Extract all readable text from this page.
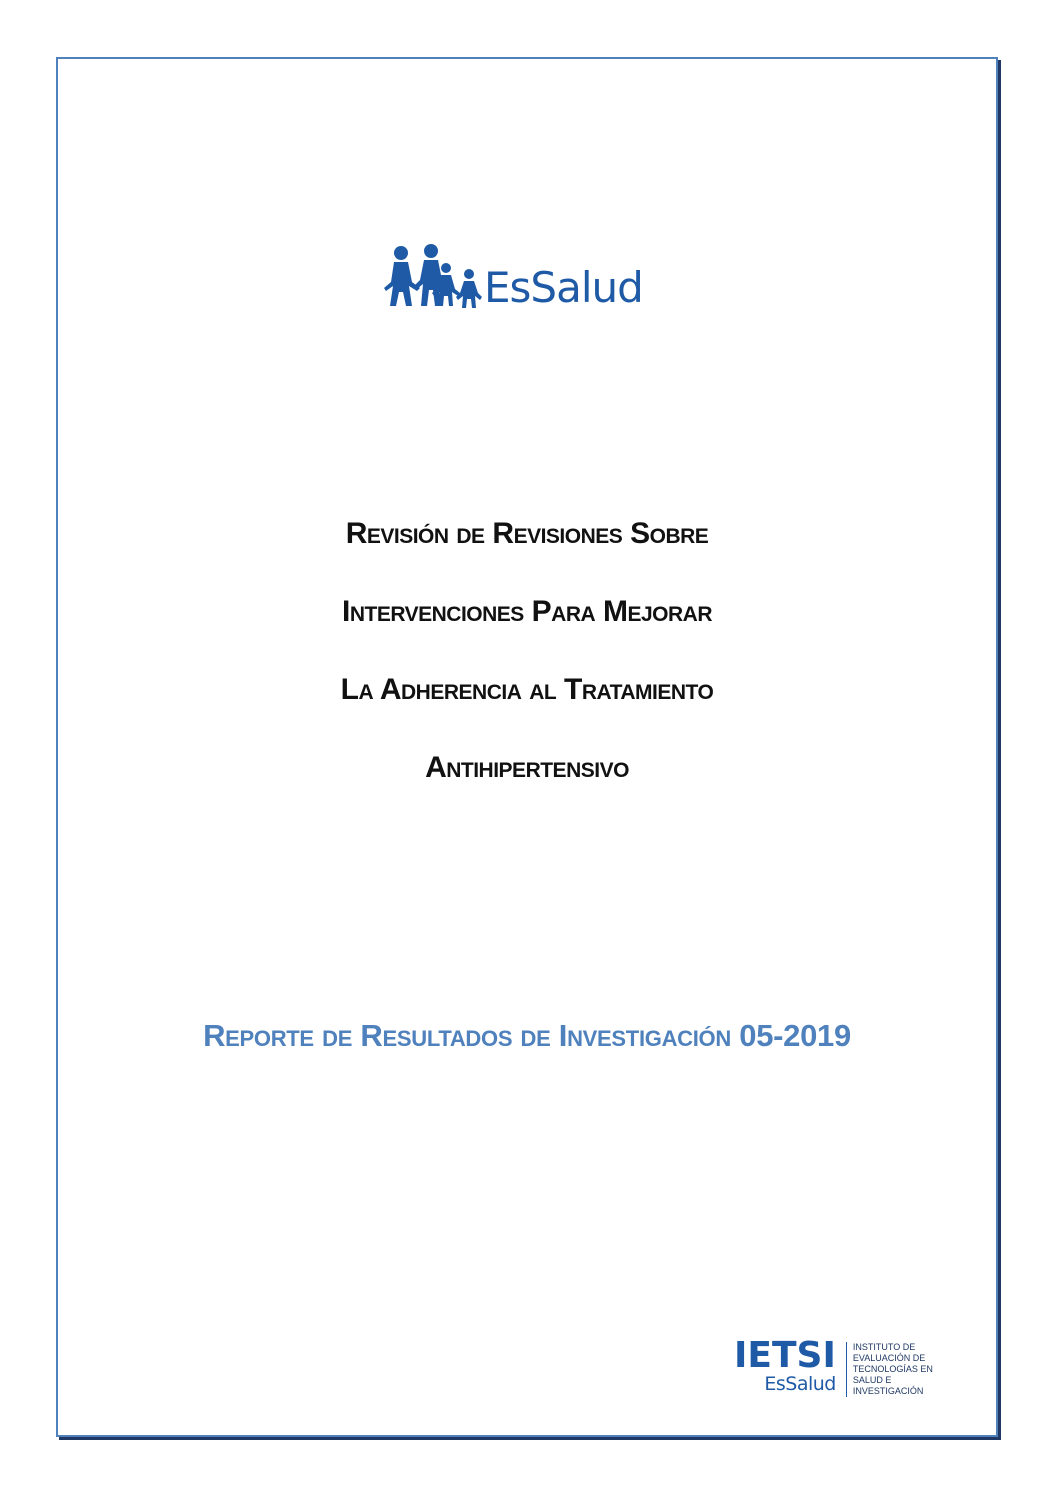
EsSalud
Revisión de Revisiones Sobre
Intervenciones Para Mejorar
La Adherencia al Tratamiento
Antihipertensivo
Reporte de Resultados de Investigación 05-2019
IETSI
EsSalud
INSTITUTO DE
EVALUACIÓN DE
TECNOLOGÍAS EN
SALUD E
INVESTIGACIÓN
